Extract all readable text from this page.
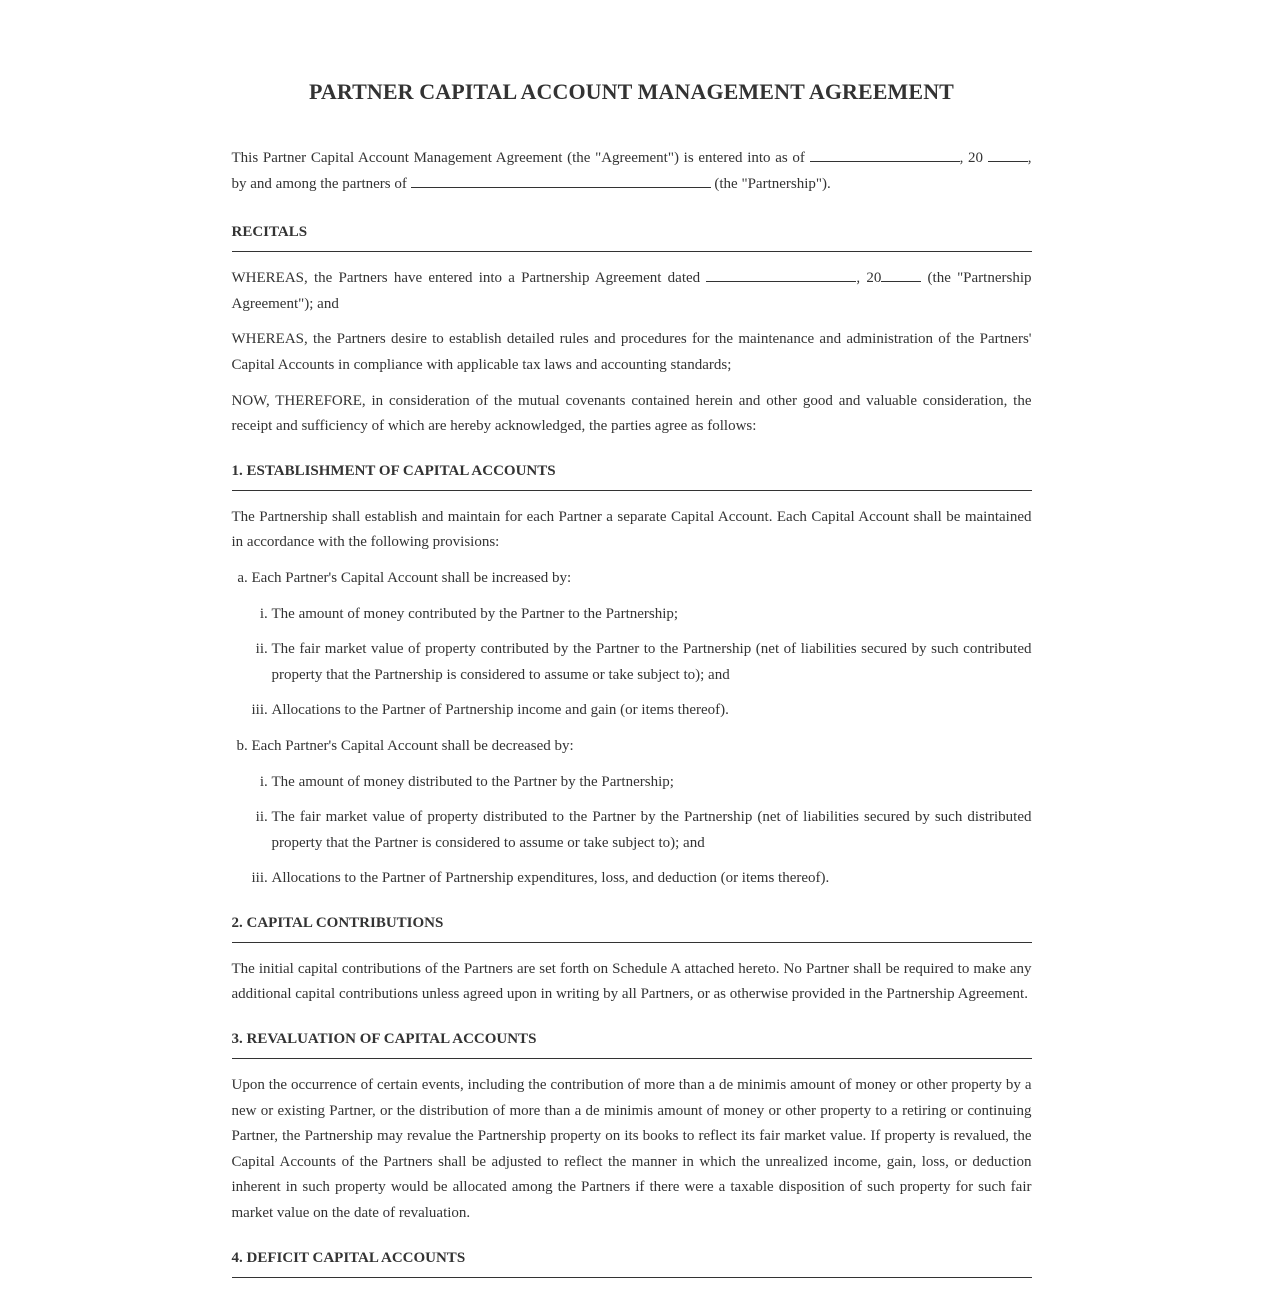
PARTNER CAPITAL ACCOUNT MANAGEMENT AGREEMENT

This Partner Capital Account Management Agreement (the "Agreement") is entered into as of	, 20	, by and among the partners of	(the "Partnership").

RECITALS

WHEREAS, the Partners have entered into a Partnership Agreement dated	, 20	(the "Partnership Agreement"); and

WHEREAS, the Partners desire to establish detailed rules and procedures for the maintenance and administration of the Partners' Capital Accounts in compliance with applicable tax laws and accounting standards;

NOW, THEREFORE, in consideration of the mutual covenants contained herein and other good and valuable consideration, the receipt and sufficiency of which are hereby acknowledged, the parties agree as follows:

1. ESTABLISHMENT OF CAPITAL ACCOUNTS

The Partnership shall establish and maintain for each Partner a separate Capital Account. Each Capital Account shall be maintained in accordance with the following provisions:

a. Each Partner's Capital Account shall be increased by:
i. The amount of money contributed by the Partner to the Partnership;
ii. The fair market value of property contributed by the Partner to the Partnership (net of liabilities secured by such contributed property that the Partnership is considered to assume or take subject to); and
iii. Allocations to the Partner of Partnership income and gain (or items thereof).
b. Each Partner's Capital Account shall be decreased by:
i. The amount of money distributed to the Partner by the Partnership;
ii. The fair market value of property distributed to the Partner by the Partnership (net of liabilities secured by such distributed property that the Partner is considered to assume or take subject to); and
iii. Allocations to the Partner of Partnership expenditures, loss, and deduction (or items thereof).
2. CAPITAL CONTRIBUTIONS

The initial capital contributions of the Partners are set forth on Schedule A attached hereto. No Partner shall be required to make any additional capital contributions unless agreed upon in writing by all Partners, or as otherwise provided in the Partnership Agreement.

3. REVALUATION OF CAPITAL ACCOUNTS

Upon the occurrence of certain events, including the contribution of more than a de minimis amount of money or other property by a new or existing Partner, or the distribution of more than a de minimis amount of money or other property to a retiring or continuing Partner, the Partnership may revalue the Partnership property on its books to reflect its fair market value. If property is revalued, the Capital Accounts of the Partners shall be adjusted to reflect the manner in which the unrealized income, gain, loss, or deduction inherent in such property would be allocated among the Partners if there were a taxable disposition of such property for such fair market value on the date of revaluation.

4. DEFICIT CAPITAL ACCOUNTS
